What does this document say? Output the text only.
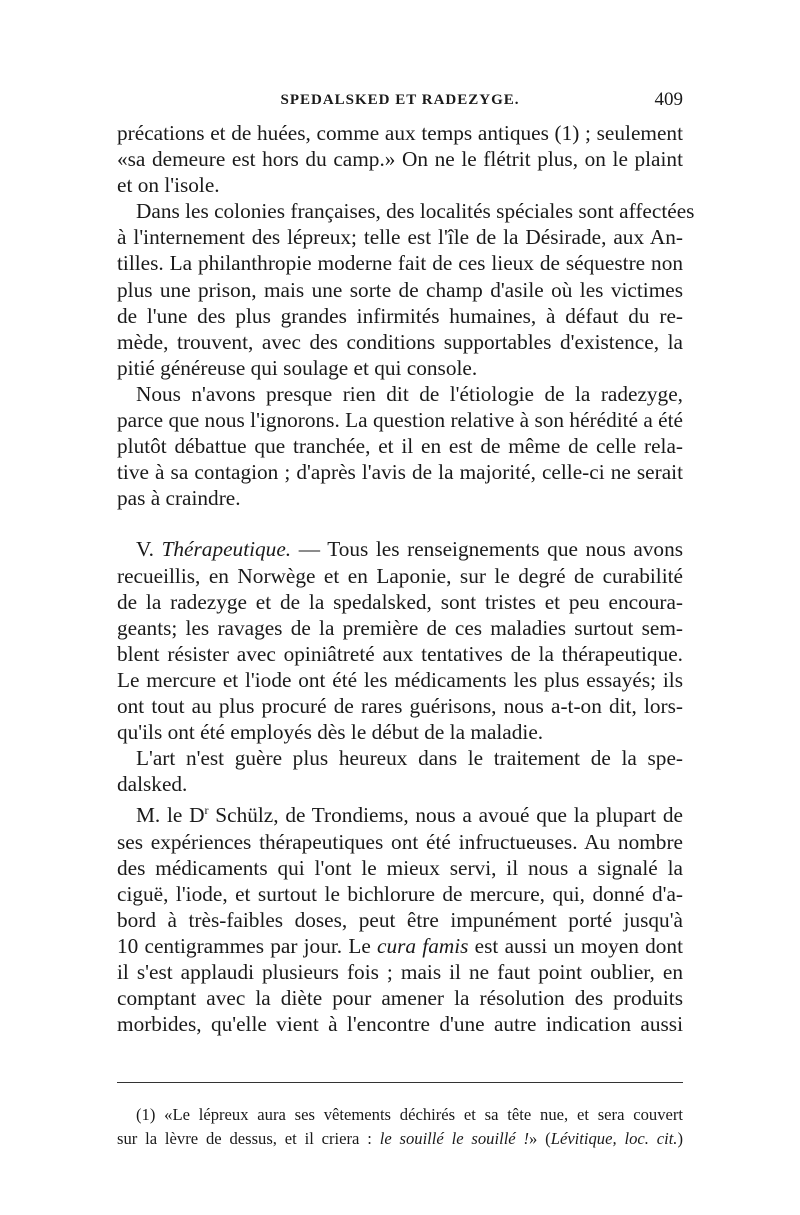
SPEDALSKED ET RADEZYGE.	409

précations et de huées, comme aux temps antiques (1) ; seulement
«sa demeure est hors du camp.» On ne le flétrit plus, on le plaint
et on l'isole.

Dans les colonies françaises, des localités spéciales sont affectées
à l'internement des lépreux; telle est l'île de la Désirade, aux An-
tilles. La philanthropie moderne fait de ces lieux de séquestre non
plus une prison, mais une sorte de champ d'asile où les victimes
de l'une des plus grandes infirmités humaines, à défaut du re-
mède, trouvent, avec des conditions supportables d'existence, la
pitié généreuse qui soulage et qui console.

Nous n'avons presque rien dit de l'étiologie de la radezyge,
parce que nous l'ignorons. La question relative à son hérédité a été
plutôt débattue que tranchée, et il en est de même de celle rela-
tive à sa contagion ; d'après l'avis de la majorité, celle-ci ne serait
pas à craindre.

V. Thérapeutique. — Tous les renseignements que nous avons
recueillis, en Norwège et en Laponie, sur le degré de curabilité
de la radezyge et de la spedalsked, sont tristes et peu encoura-
geants; les ravages de la première de ces maladies surtout sem-
blent résister avec opiniâtreté aux tentatives de la thérapeutique.
Le mercure et l'iode ont été les médicaments les plus essayés; ils
ont tout au plus procuré de rares guérisons, nous a-t-on dit, lors-
qu'ils ont été employés dès le début de la maladie.

L'art n'est guère plus heureux dans le traitement de la spe-
dalsked.

M. le $D^r$ Schülz, de Trondiems, nous a avoué que la plupart de
ses expériences thérapeutiques ont été infructueuses. Au nombre
des médicaments qui l'ont le mieux servi, il nous a signalé la
ciguë, l'iode, et surtout le bichlorure de mercure, qui, donné d'a-
bord à très-faibles doses, peut être impunément porté jusqu'à
10 centigrammes par jour. Le cura famis est aussi un moyen dont
il s'est applaudi plusieurs fois ; mais il ne faut point oublier, en
comptant avec la diète pour amener la résolution des produits
morbides, qu'elle vient à l'encontre d'une autre indication aussi

(1) «Le lépreux aura ses vêtements déchirés et sa tête nue, et sera couvert
sur la lèvre de dessus, et il criera : le souillé le souillé !» (Lévitique, loc. cit.)
